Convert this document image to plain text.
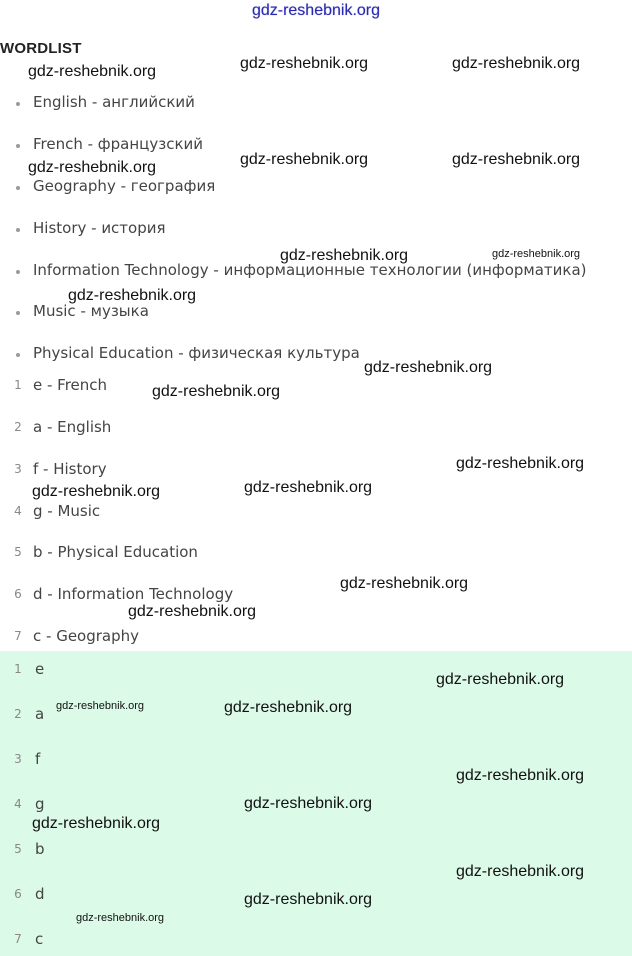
gdz-reshebnik.org
WORDLIST
English - английский
French - французский
Geography - география
History - история
Information Technology - информационные технологии (информатика)
Music - музыка
Physical Education - физическая культура
1 e - French
2 a - English
3 f - History
4 g - Music
5 b - Physical Education
6 d - Information Technology
7 c - Geography
1 e
2 a
3 f
4 g
5 b
6 d
7 c
gdz-reshebnik.org	gdz-reshebnik.org	gdz-reshebnik.org
gdz-reshebnik.org	gdz-reshebnik.org	gdz-reshebnik.org
gdz-reshebnik.org	gdz-reshebnik.org
gdz-reshebnik.org
gdz-reshebnik.org
gdz-reshebnik.org
gdz-reshebnik.org
gdz-reshebnik.org	gdz-reshebnik.org
gdz-reshebnik.org
gdz-reshebnik.org
gdz-reshebnik.org
gdz-reshebnik.org	gdz-reshebnik.org
gdz-reshebnik.org
gdz-reshebnik.org
gdz-reshebnik.org
gdz-reshebnik.org
gdz-reshebnik.org
gdz-reshebnik.org
